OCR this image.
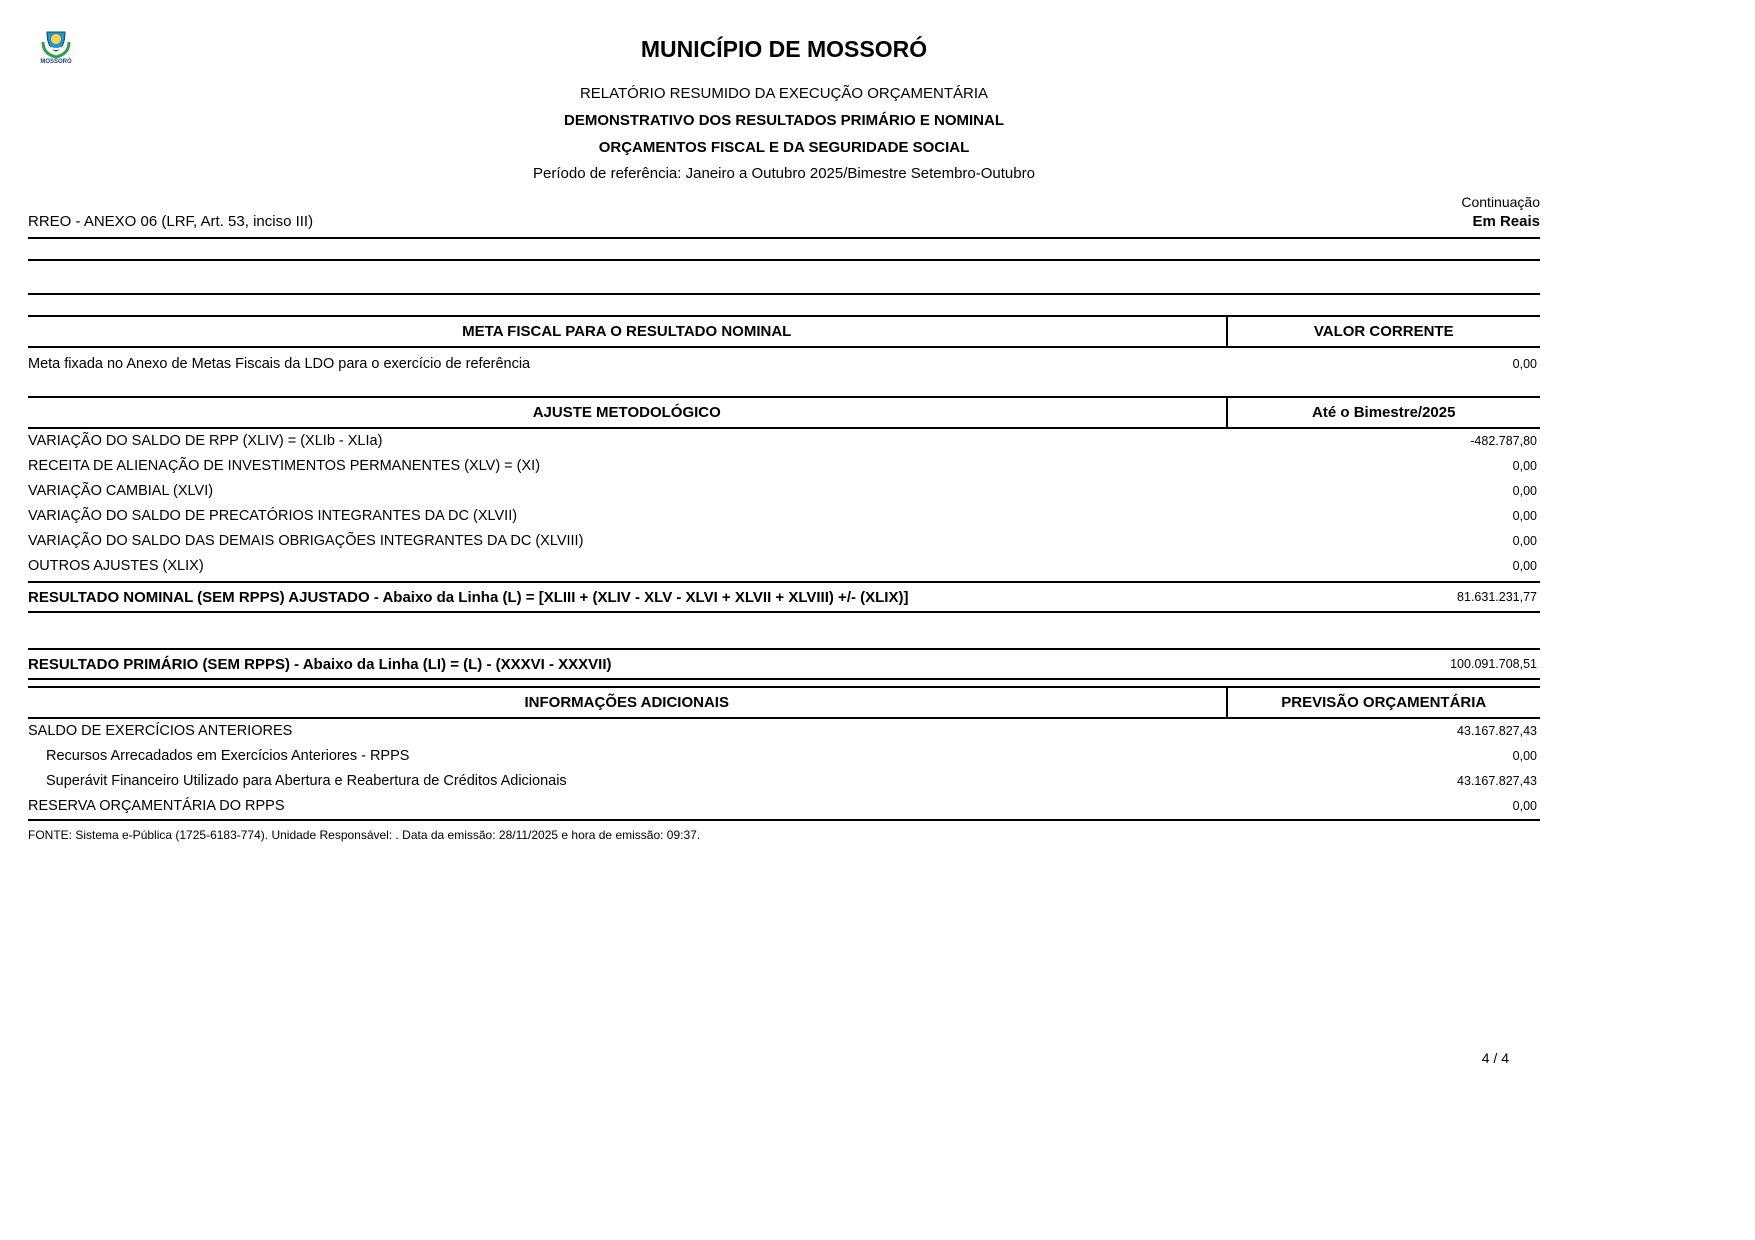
MOSSORÓ	MUNICÍPIO DE MOSSORÓ
RELATÓRIO RESUMIDO DA EXECUÇÃO ORÇAMENTÁRIA
DEMONSTRATIVO DOS RESULTADOS PRIMÁRIO E NOMINAL
ORÇAMENTOS FISCAL E DA SEGURIDADE SOCIAL
Período de referência: Janeiro a Outubro 2025/Bimestre Setembro-Outubro
Continuação
RREO - ANEXO 06 (LRF, Art. 53, inciso III)	Em Reais
META FISCAL PARA O RESULTADO NOMINAL	VALOR CORRENTE
Meta fixada no Anexo de Metas Fiscais da LDO para o exercício de referência	0,00
AJUSTE METODOLÓGICO	Até o Bimestre/2025
VARIAÇÃO DO SALDO DE RPP (XLIV) = (XLIb - XLIa)	-482.787,80
RECEITA DE ALIENAÇÃO DE INVESTIMENTOS PERMANENTES (XLV) = (XI)	0,00
VARIAÇÃO CAMBIAL (XLVI)	0,00
VARIAÇÃO DO SALDO DE PRECATÓRIOS INTEGRANTES DA DC (XLVII)	0,00
VARIAÇÃO DO SALDO DAS DEMAIS OBRIGAÇÕES INTEGRANTES DA DC (XLVIII)	0,00
OUTROS AJUSTES (XLIX)	0,00
RESULTADO NOMINAL (SEM RPPS) AJUSTADO - Abaixo da Linha (L) = [XLIII + (XLIV - XLV - XLVI + XLVII + XLVIII) +/- (XLIX)]	81.631.231,77
RESULTADO PRIMÁRIO (SEM RPPS) - Abaixo da Linha (LI) = (L) - (XXXVI - XXXVII)	100.091.708,51
INFORMAÇÕES ADICIONAIS	PREVISÃO ORÇAMENTÁRIA
SALDO DE EXERCÍCIOS ANTERIORES	43.167.827,43
Recursos Arrecadados em Exercícios Anteriores - RPPS	0,00
Superávit Financeiro Utilizado para Abertura e Reabertura de Créditos Adicionais	43.167.827,43
RESERVA ORÇAMENTÁRIA DO RPPS	0,00
FONTE: Sistema e-Pública (1725-6183-774). Unidade Responsável: . Data da emissão: 28/11/2025 e hora de emissão: 09:37.
4 / 4
